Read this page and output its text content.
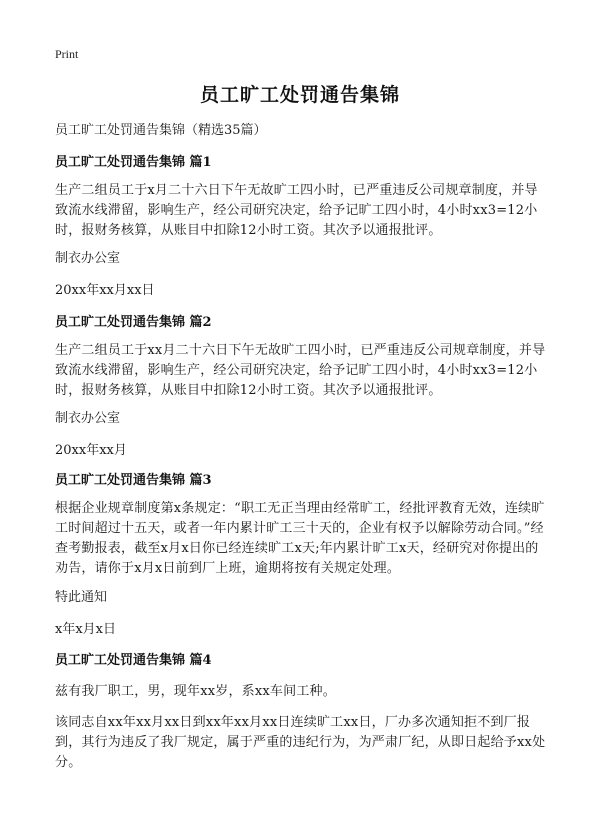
Print
员工旷工处罚通告集锦
员工旷工处罚通告集锦（精选35篇）
员工旷工处罚通告集锦 篇1
生产二组员工于x月二十六日下午无故旷工四小时，已严重违反公司规章制度，并导致流水线滞留，影响生产，经公司研究决定，给予记旷工四小时，4小时xx3=12小时，报财务核算，从账目中扣除12小时工资。其次予以通报批评。
制衣办公室
20xx年xx月xx日
员工旷工处罚通告集锦 篇2
生产二组员工于xx月二十六日下午无故旷工四小时，已严重违反公司规章制度，并导致流水线滞留，影响生产，经公司研究决定，给予记旷工四小时，4小时xx3=12小时，报财务核算，从账目中扣除12小时工资。其次予以通报批评。
制衣办公室
20xx年xx月
员工旷工处罚通告集锦 篇3
根据企业规章制度第x条规定：“职工无正当理由经常旷工，经批评教育无效，连续旷工时间超过十五天，或者一年内累计旷工三十天的，企业有权予以解除劳动合同。”经查考勤报表，截至x月x日你已经连续旷工x天;年内累计旷工x天，经研究对你提出的劝告，请你于x月x日前到厂上班，逾期将按有关规定处理。
特此通知
x年x月x日
员工旷工处罚通告集锦 篇4
兹有我厂职工，男，现年xx岁，系xx车间工种。
该同志自xx年xx月xx日到xx年xx月xx日连续旷工xx日，厂办多次通知拒不到厂报到，其行为违反了我厂规定，属于严重的违纪行为，为严肃厂纪，从即日起给予xx处分。
